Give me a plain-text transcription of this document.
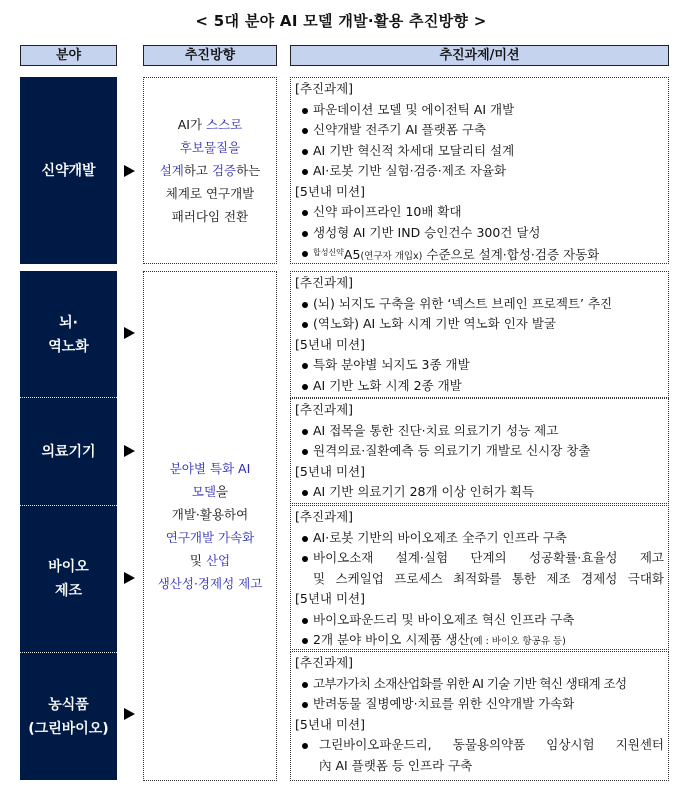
< 5대 분야 AI 모델 개발·활용 추진방향 >
분야	추진방향	추진과제/미션
신약개발
AI가 스스로
후보물질을
설계하고 검증하는
체계로 연구개발
패러다임 전환
[추진과제]
파운데이션 모델 및 에이전틱 AI 개발
신약개발 전주기 AI 플랫폼 구축
AI 기반 혁신적 차세대 모달리티 설계
AI·로봇 기반 실험·검증·제조 자율화
[5년내 미션]
신약 파이프라인 10배 확대
생성형 AI 기반 IND 승인건수 300건 달성
$^{합성신약}$A5(연구자 개입x) 수준으로 설계·합성·검증 자동화
뇌·
역노화
의료기기
바이오
제조
농식품
(그린바이오)
분야별 특화 AI
모델을
개발·활용하여
연구개발 가속화
및 산업
생산성·경제성 제고
[추진과제]
(뇌) 뇌지도 구축을 위한 ‘넥스트 브레인 프로젝트’ 추진
(역노화) AI 노화 시계 기반 역노화 인자 발굴
[5년내 미션]
특화 분야별 뇌지도 3종 개발
AI 기반 노화 시계 2종 개발
[추진과제]
AI 접목을 통한 진단·치료 의료기기 성능 제고
원격의료·질환예측 등 의료기기 개발로 신시장 창출
[5년내 미션]
AI 기반 의료기기 28개 이상 인허가 획득
[추진과제]
AI·로봇 기반의 바이오제조 全주기 인프라 구축
바이오소재 설계·실험 단계의 성공확률·효율성 제고
및 스케일업 프로세스 최적화를 통한 제조 경제성 극대화
[5년내 미션]
바이오파운드리 및 바이오제조 혁신 인프라 구축
2개 분야 바이오 시제품 생산(예 : 바이오 항공유 등)
[추진과제]
고부가가치 소재산업화를 위한 AI 기술 기반 혁신 생태계 조성
반려동물 질병예방·치료를 위한 신약개발 가속화
[5년내 미션]
그린바이오파운드리, 동물용의약품 임상시험 지원센터
內 AI 플랫폼 등 인프라 구축
